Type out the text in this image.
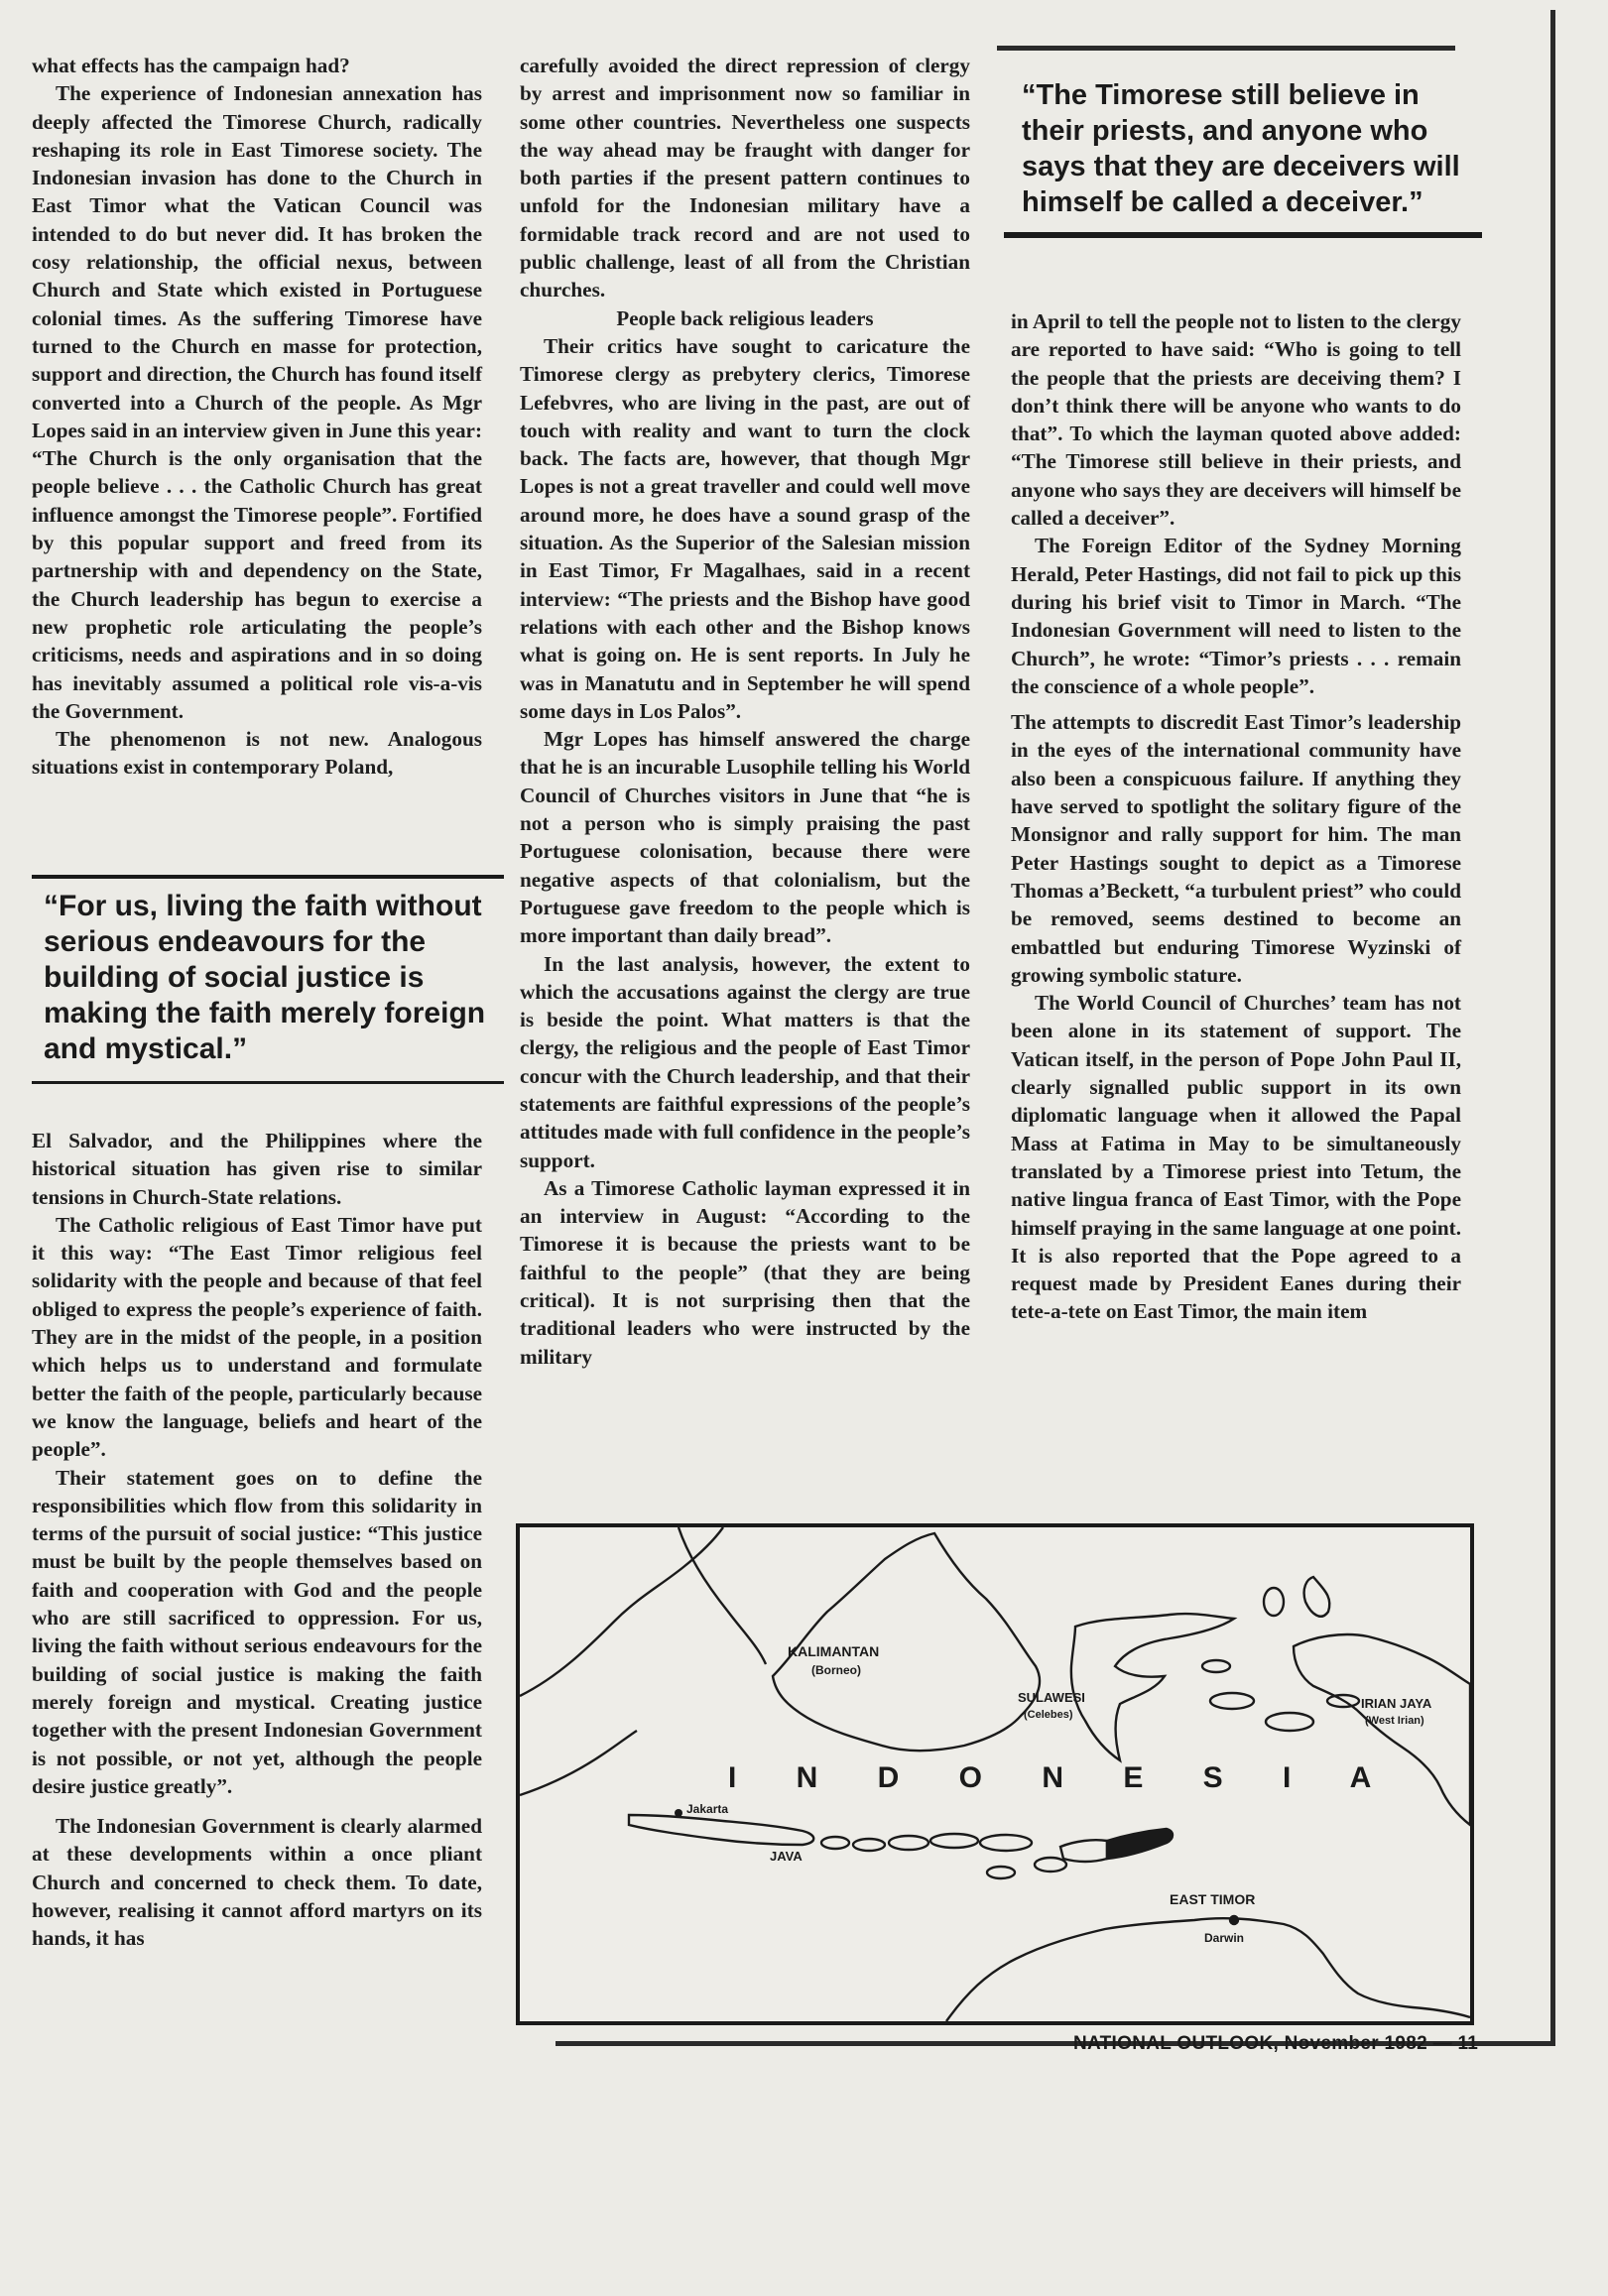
what effects has the campaign had?

The experience of Indonesian annexation has deeply affected the Timorese Church, radically reshaping its role in East Timorese society. The Indonesian invasion has done to the Church in East Timor what the Vatican Council was intended to do but never did. It has broken the cosy relationship, the official nexus, between Church and State which existed in Portuguese colonial times. As the suffering Timorese have turned to the Church en masse for protection, support and direction, the Church has found itself converted into a Church of the people. As Mgr Lopes said in an interview given in June this year: “The Church is the only organisation that the people believe . . . the Catholic Church has great influence amongst the Timorese people”. Fortified by this popular support and freed from its partnership with and dependency on the State, the Church leadership has begun to exercise a new prophetic role articulating the people’s criticisms, needs and aspirations and in so doing has inevitably assumed a political role vis-a-vis the Government.

The phenomenon is not new. Analogous situations exist in contemporary Poland,

“For us, living the faith without serious endeavours for the building of social justice is making the faith merely foreign and mystical.”

El Salvador, and the Philippines where the historical situation has given rise to similar tensions in Church-State relations.

The Catholic religious of East Timor have put it this way: “The East Timor religious feel solidarity with the people and because of that feel obliged to express the people’s experience of faith. They are in the midst of the people, in a position which helps us to understand and formulate better the faith of the people, particularly because we know the language, beliefs and heart of the people”.

Their statement goes on to define the responsibilities which flow from this solidarity in terms of the pursuit of social justice: “This justice must be built by the people themselves based on faith and cooperation with God and the people who are still sacrificed to oppression. For us, living the faith without serious endeavours for the building of social justice is making the faith merely foreign and mystical. Creating justice together with the present Indonesian Government is not possible, or not yet, although the people desire justice greatly”.

The Indonesian Government is clearly alarmed at these developments within a once pliant Church and concerned to check them. To date, however, realising it cannot afford martyrs on its hands, it has

carefully avoided the direct repression of clergy by arrest and imprisonment now so familiar in some other countries. Nevertheless one suspects the way ahead may be fraught with danger for both parties if the present pattern continues to unfold for the Indonesian military have a formidable track record and are not used to public challenge, least of all from the Christian churches.

People back religious leaders

Their critics have sought to caricature the Timorese clergy as prebytery clerics, Timorese Lefebvres, who are living in the past, are out of touch with reality and want to turn the clock back. The facts are, however, that though Mgr Lopes is not a great traveller and could well move around more, he does have a sound grasp of the situation. As the Superior of the Salesian mission in East Timor, Fr Magalhaes, said in a recent interview: “The priests and the Bishop have good relations with each other and the Bishop knows what is going on. He is sent reports. In July he was in Manatutu and in September he will spend some days in Los Palos”.

Mgr Lopes has himself answered the charge that he is an incurable Lusophile telling his World Council of Churches visitors in June that “he is not a person who is simply praising the past Portuguese colonisation, because there were negative aspects of that colonialism, but the Portuguese gave freedom to the people which is more important than daily bread”.

In the last analysis, however, the extent to which the accusations against the clergy are true is beside the point. What matters is that the clergy, the religious and the people of East Timor concur with the Church leadership, and that their statements are faithful expressions of the people’s attitudes made with full confidence in the people’s support.

As a Timorese Catholic layman expressed it in an interview in August: “According to the Timorese it is because the priests want to be faithful to the people” (that they are being critical). It is not surprising then that the traditional leaders who were instructed by the military

“The Timorese still believe in their priests, and anyone who says that they are deceivers will himself be called a deceiver.”

in April to tell the people not to listen to the clergy are reported to have said: “Who is going to tell the people that the priests are deceiving them? I don’t think there will be anyone who wants to do that”. To which the layman quoted above added: “The Timorese still believe in their priests, and anyone who says they are deceivers will himself be called a deceiver”.

The Foreign Editor of the Sydney Morning Herald, Peter Hastings, did not fail to pick up this during his brief visit to Timor in March. “The Indonesian Government will need to listen to the Church”, he wrote: “Timor’s priests . . . remain the conscience of a whole people”.

The attempts to discredit East Timor’s leadership in the eyes of the international community have also been a conspicuous failure. If anything they have served to spotlight the solitary figure of the Monsignor and rally support for him. The man Peter Hastings sought to depict as a Timorese Thomas a’Beckett, “a turbulent priest” who could be removed, seems destined to become an embattled but enduring Timorese Wyzinski of growing symbolic stature.

The World Council of Churches’ team has not been alone in its statement of support. The Vatican itself, in the person of Pope John Paul II, clearly signalled public support in its own diplomatic language when it allowed the Papal Mass at Fatima in May to be simultaneously translated by a Timorese priest into Tetum, the native lingua franca of East Timor, with the Pope himself praying in the same language at one point. It is also reported that the Pope agreed to a request made by President Eanes during their tete-a-tete on East Timor, the main item

I N D O N E S I A
KALIMANTAN
(Borneo)
SULAWESI
(Celebes)
IRIAN JAYA
(West Irian)
Jakarta
JAVA
EAST TIMOR
Darwin
NATIONAL OUTLOOK, November 1982 — 11
